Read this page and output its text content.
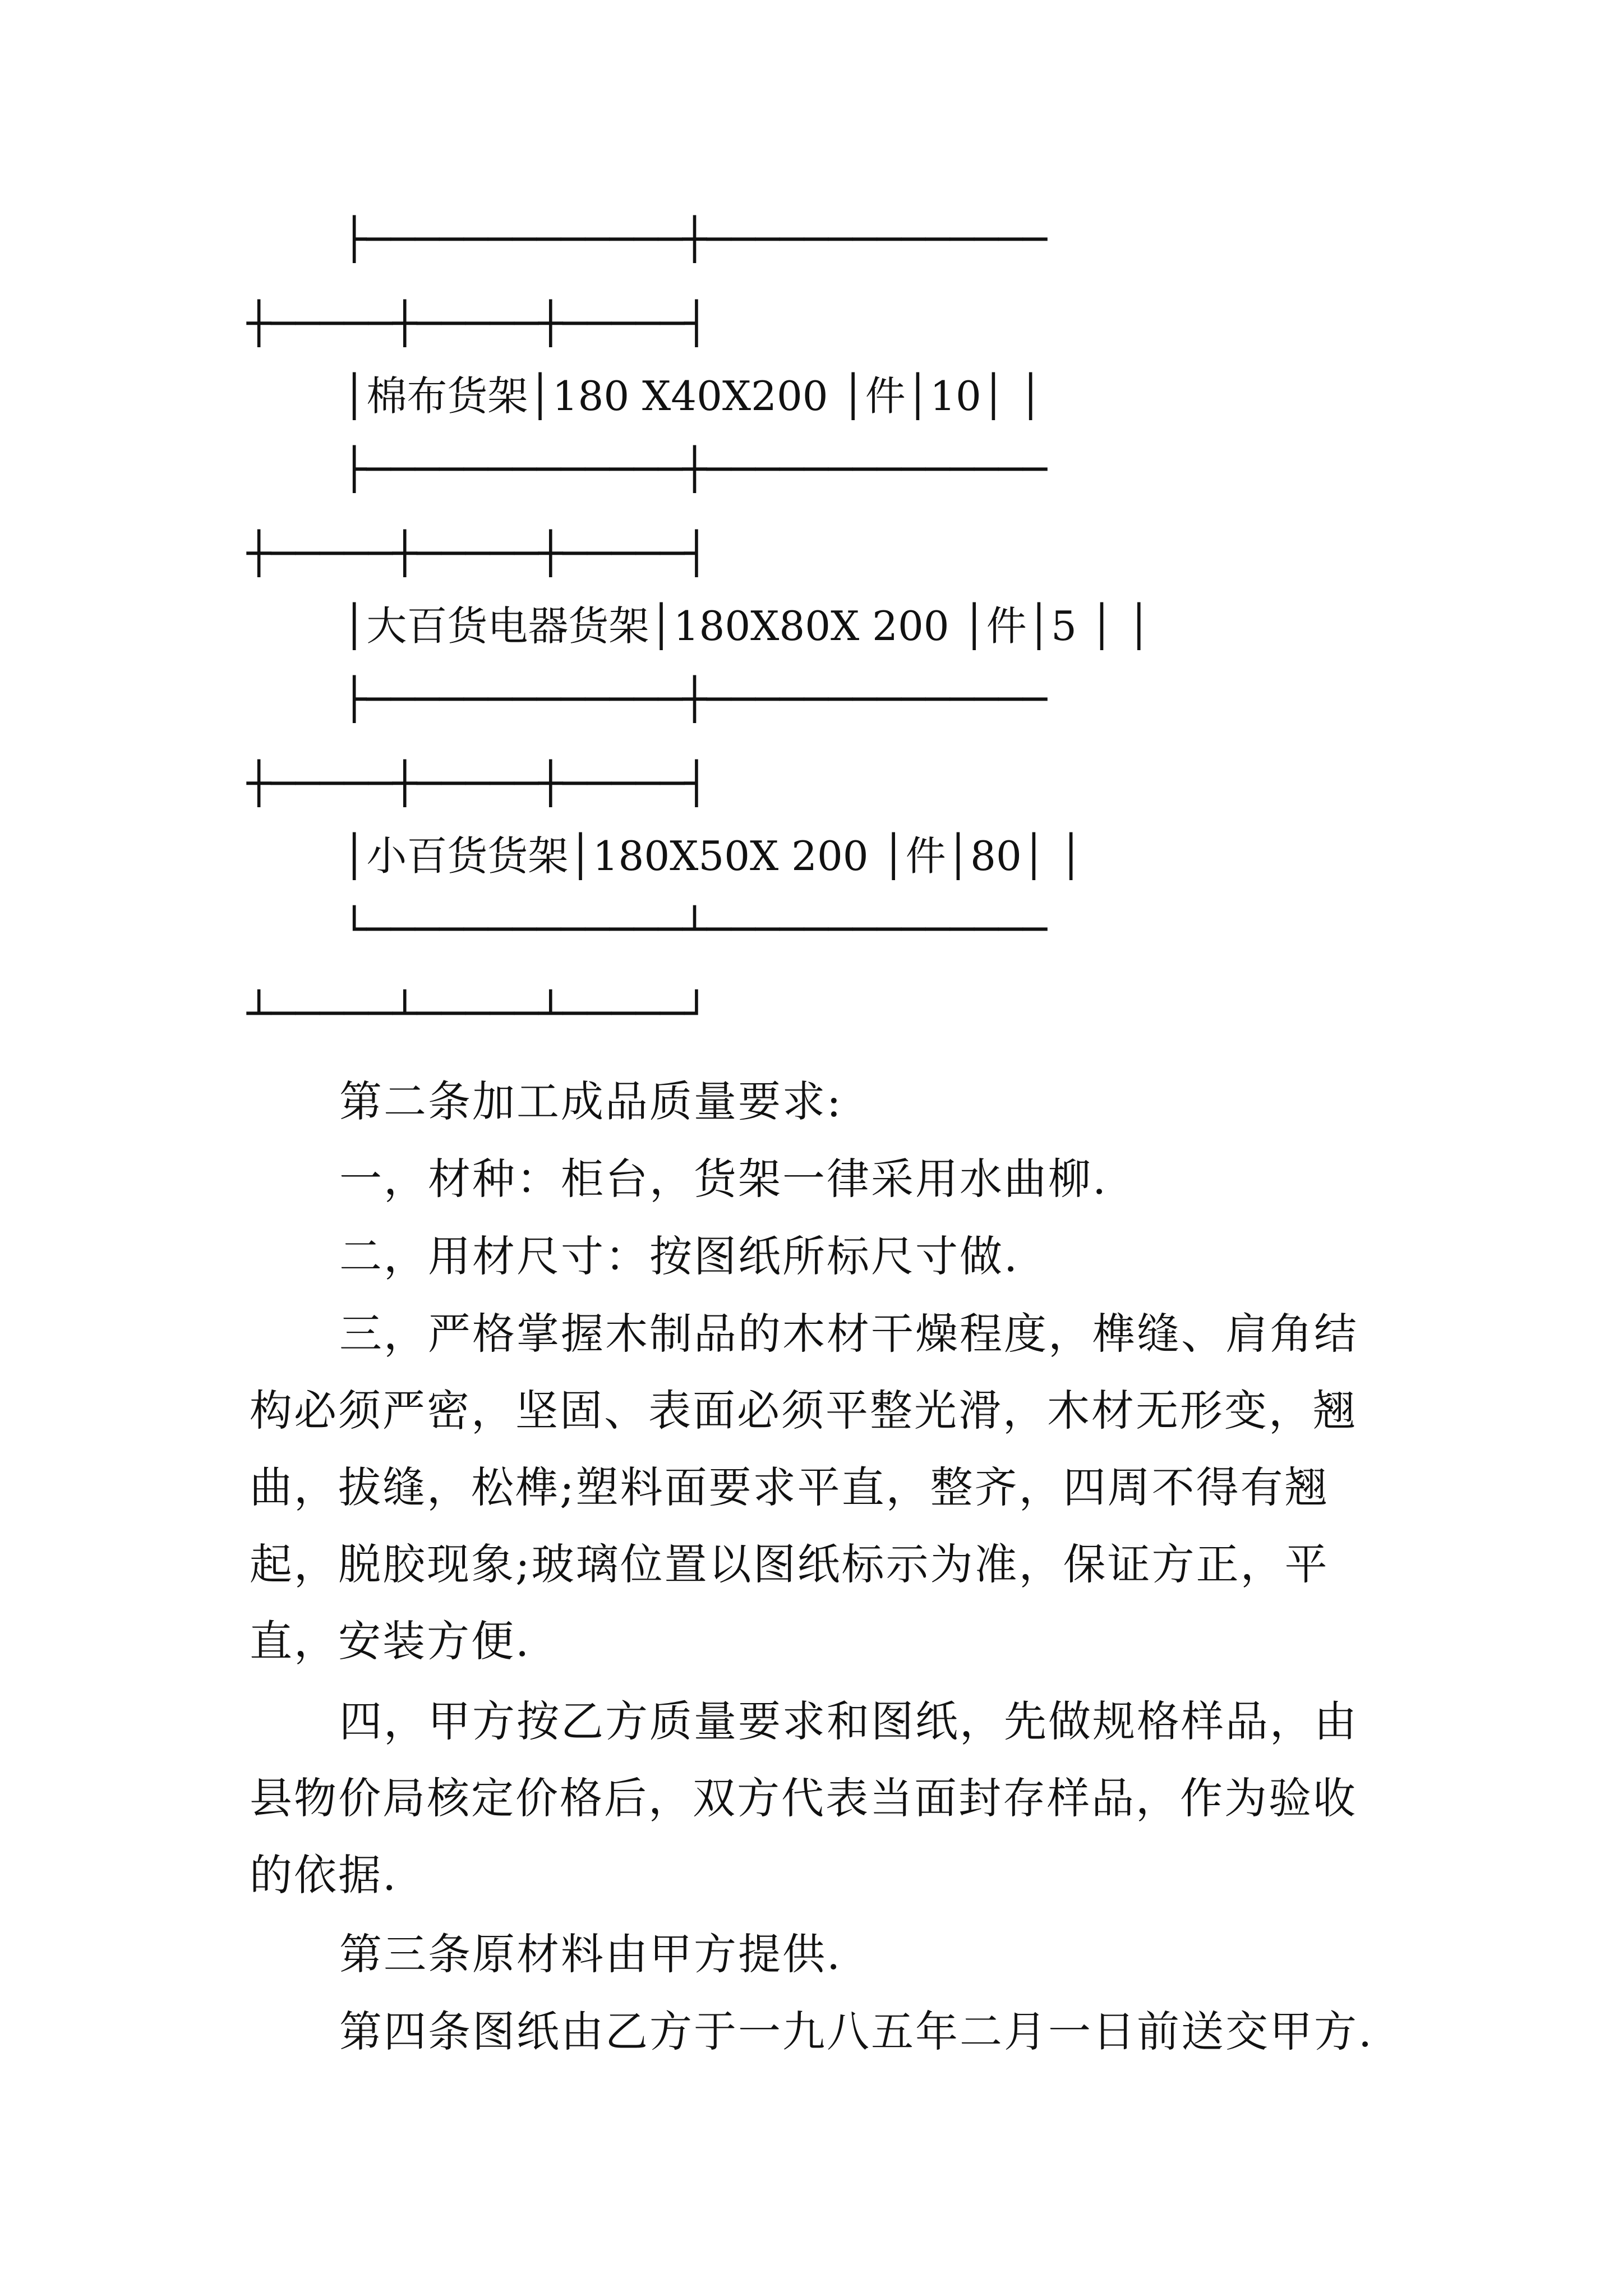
├─────────────┼──────────────
┼─────┼─────┼─────┤
│棉布货架│180 X40X200 │件│10│ │
├─────────────┼──────────────
┼─────┼─────┼─────┤
│大百货电器货架│180X80X 200 │件│5 │ │
├─────────────┼──────────────
┼─────┼─────┼─────┤
│小百货货架│180X50X 200 │件│80│ │
└─────────────┴──────────────
┴─────┴─────┴─────┘
第二条加工成品质量要求:
一，材种：柜台，货架一律采用水曲柳.
二，用材尺寸：按图纸所标尺寸做.
三，严格掌握木制品的木材干燥程度，榫缝、肩角结构必须严密，坚固、表面必须平整光滑，木材无形变，翘曲，拔缝，松榫;塑料面要求平直，整齐，四周不得有翘起，脱胶现象;玻璃位置以图纸标示为准，保证方正，平直，安装方便.
四，甲方按乙方质量要求和图纸，先做规格样品，由县物价局核定价格后，双方代表当面封存样品，作为验收的依据.
第三条原材料由甲方提供.
第四条图纸由乙方于一九八五年二月一日前送交甲方.
